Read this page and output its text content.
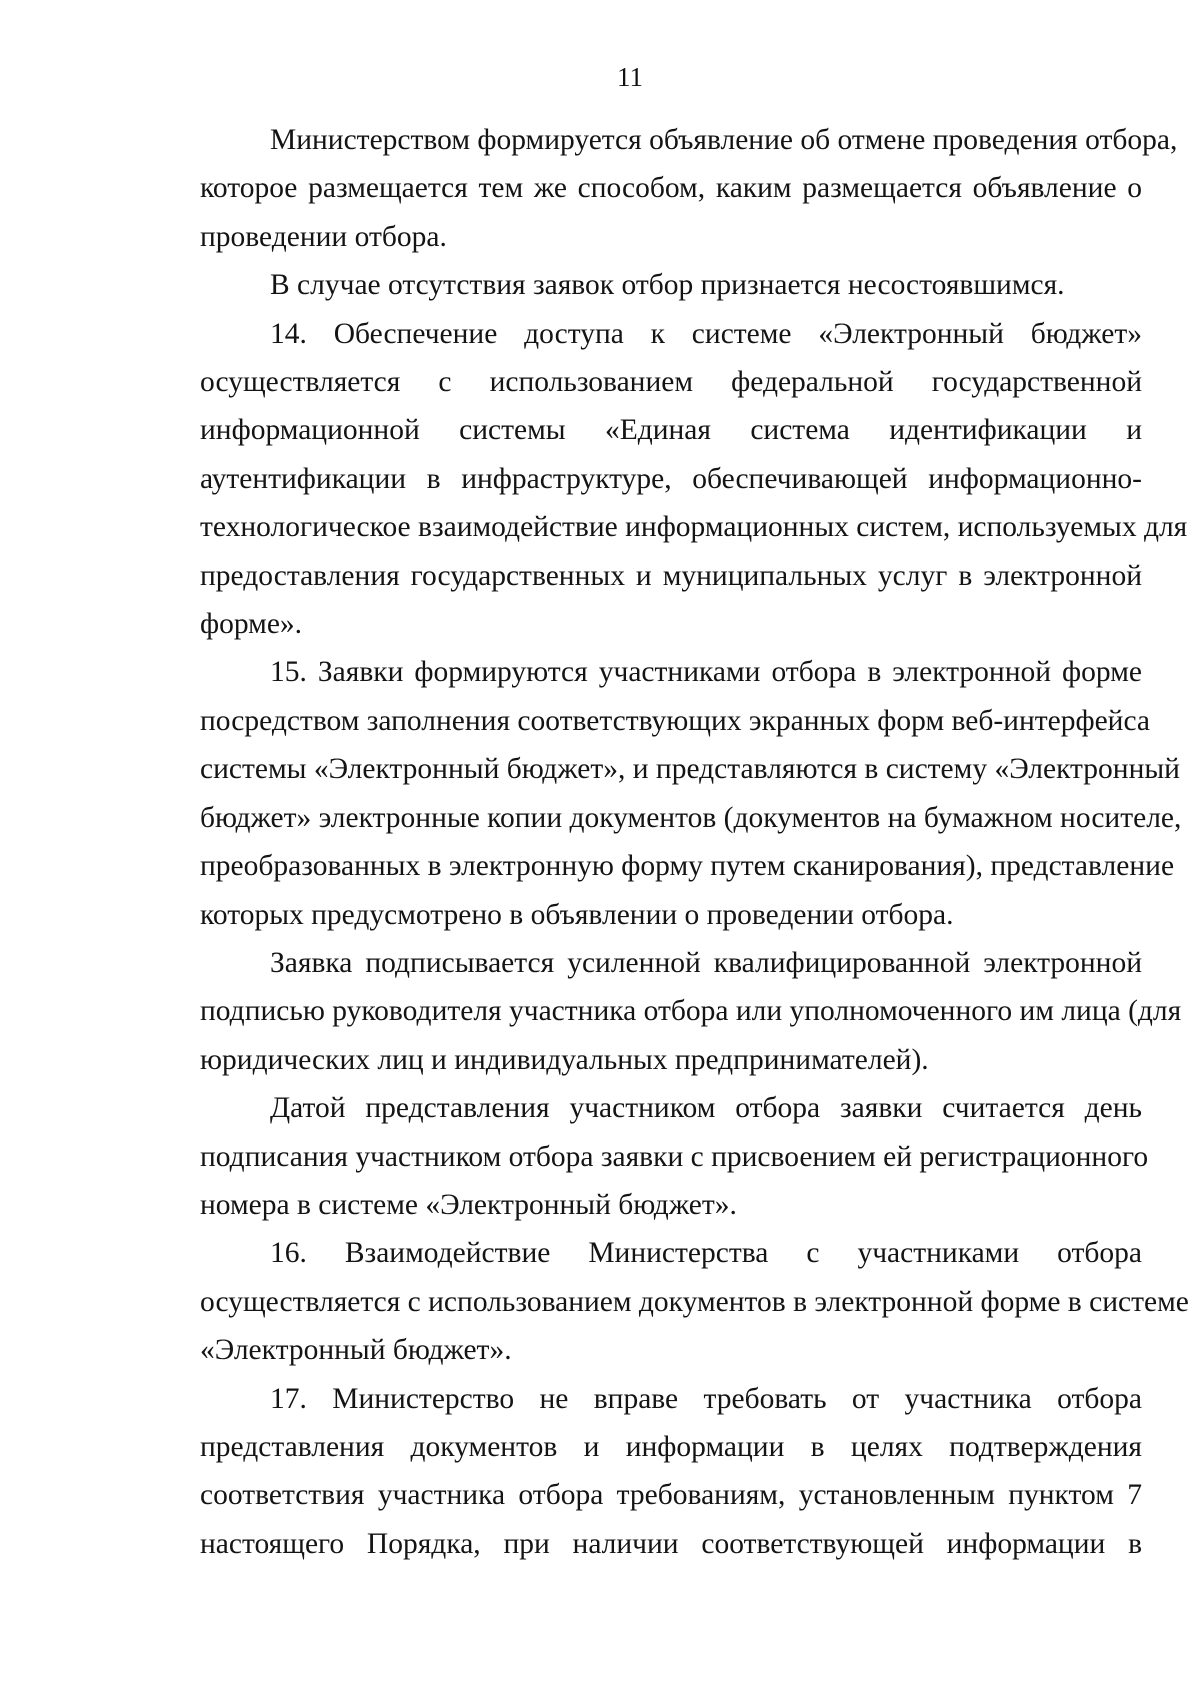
11
Министерством формируется объявление об отмене проведения отбора,
которое размещается тем же способом, каким размещается объявление о
проведении отбора.
В случае отсутствия заявок отбор признается несостоявшимся.
14. Обеспечение доступа к системе «Электронный бюджет»
осуществляется с использованием федеральной государственной
информационной системы «Единая система идентификации и
аутентификации в инфраструктуре, обеспечивающей информационно-
технологическое взаимодействие информационных систем, используемых для
предоставления государственных и муниципальных услуг в электронной
форме».
15. Заявки формируются участниками отбора в электронной форме
посредством заполнения соответствующих экранных форм веб-интерфейса
системы «Электронный бюджет», и представляются в систему «Электронный
бюджет» электронные копии документов (документов на бумажном носителе,
преобразованных в электронную форму путем сканирования), представление
которых предусмотрено в объявлении о проведении отбора.
Заявка подписывается усиленной квалифицированной электронной
подписью руководителя участника отбора или уполномоченного им лица (для
юридических лиц и индивидуальных предпринимателей).
Датой представления участником отбора заявки считается день
подписания участником отбора заявки с присвоением ей регистрационного
номера в системе «Электронный бюджет».
16. Взаимодействие Министерства с участниками отбора
осуществляется с использованием документов в электронной форме в системе
«Электронный бюджет».
17. Министерство не вправе требовать от участника отбора
представления документов и информации в целях подтверждения
соответствия участника отбора требованиям, установленным пунктом 7
настоящего Порядка, при наличии соответствующей информации в
